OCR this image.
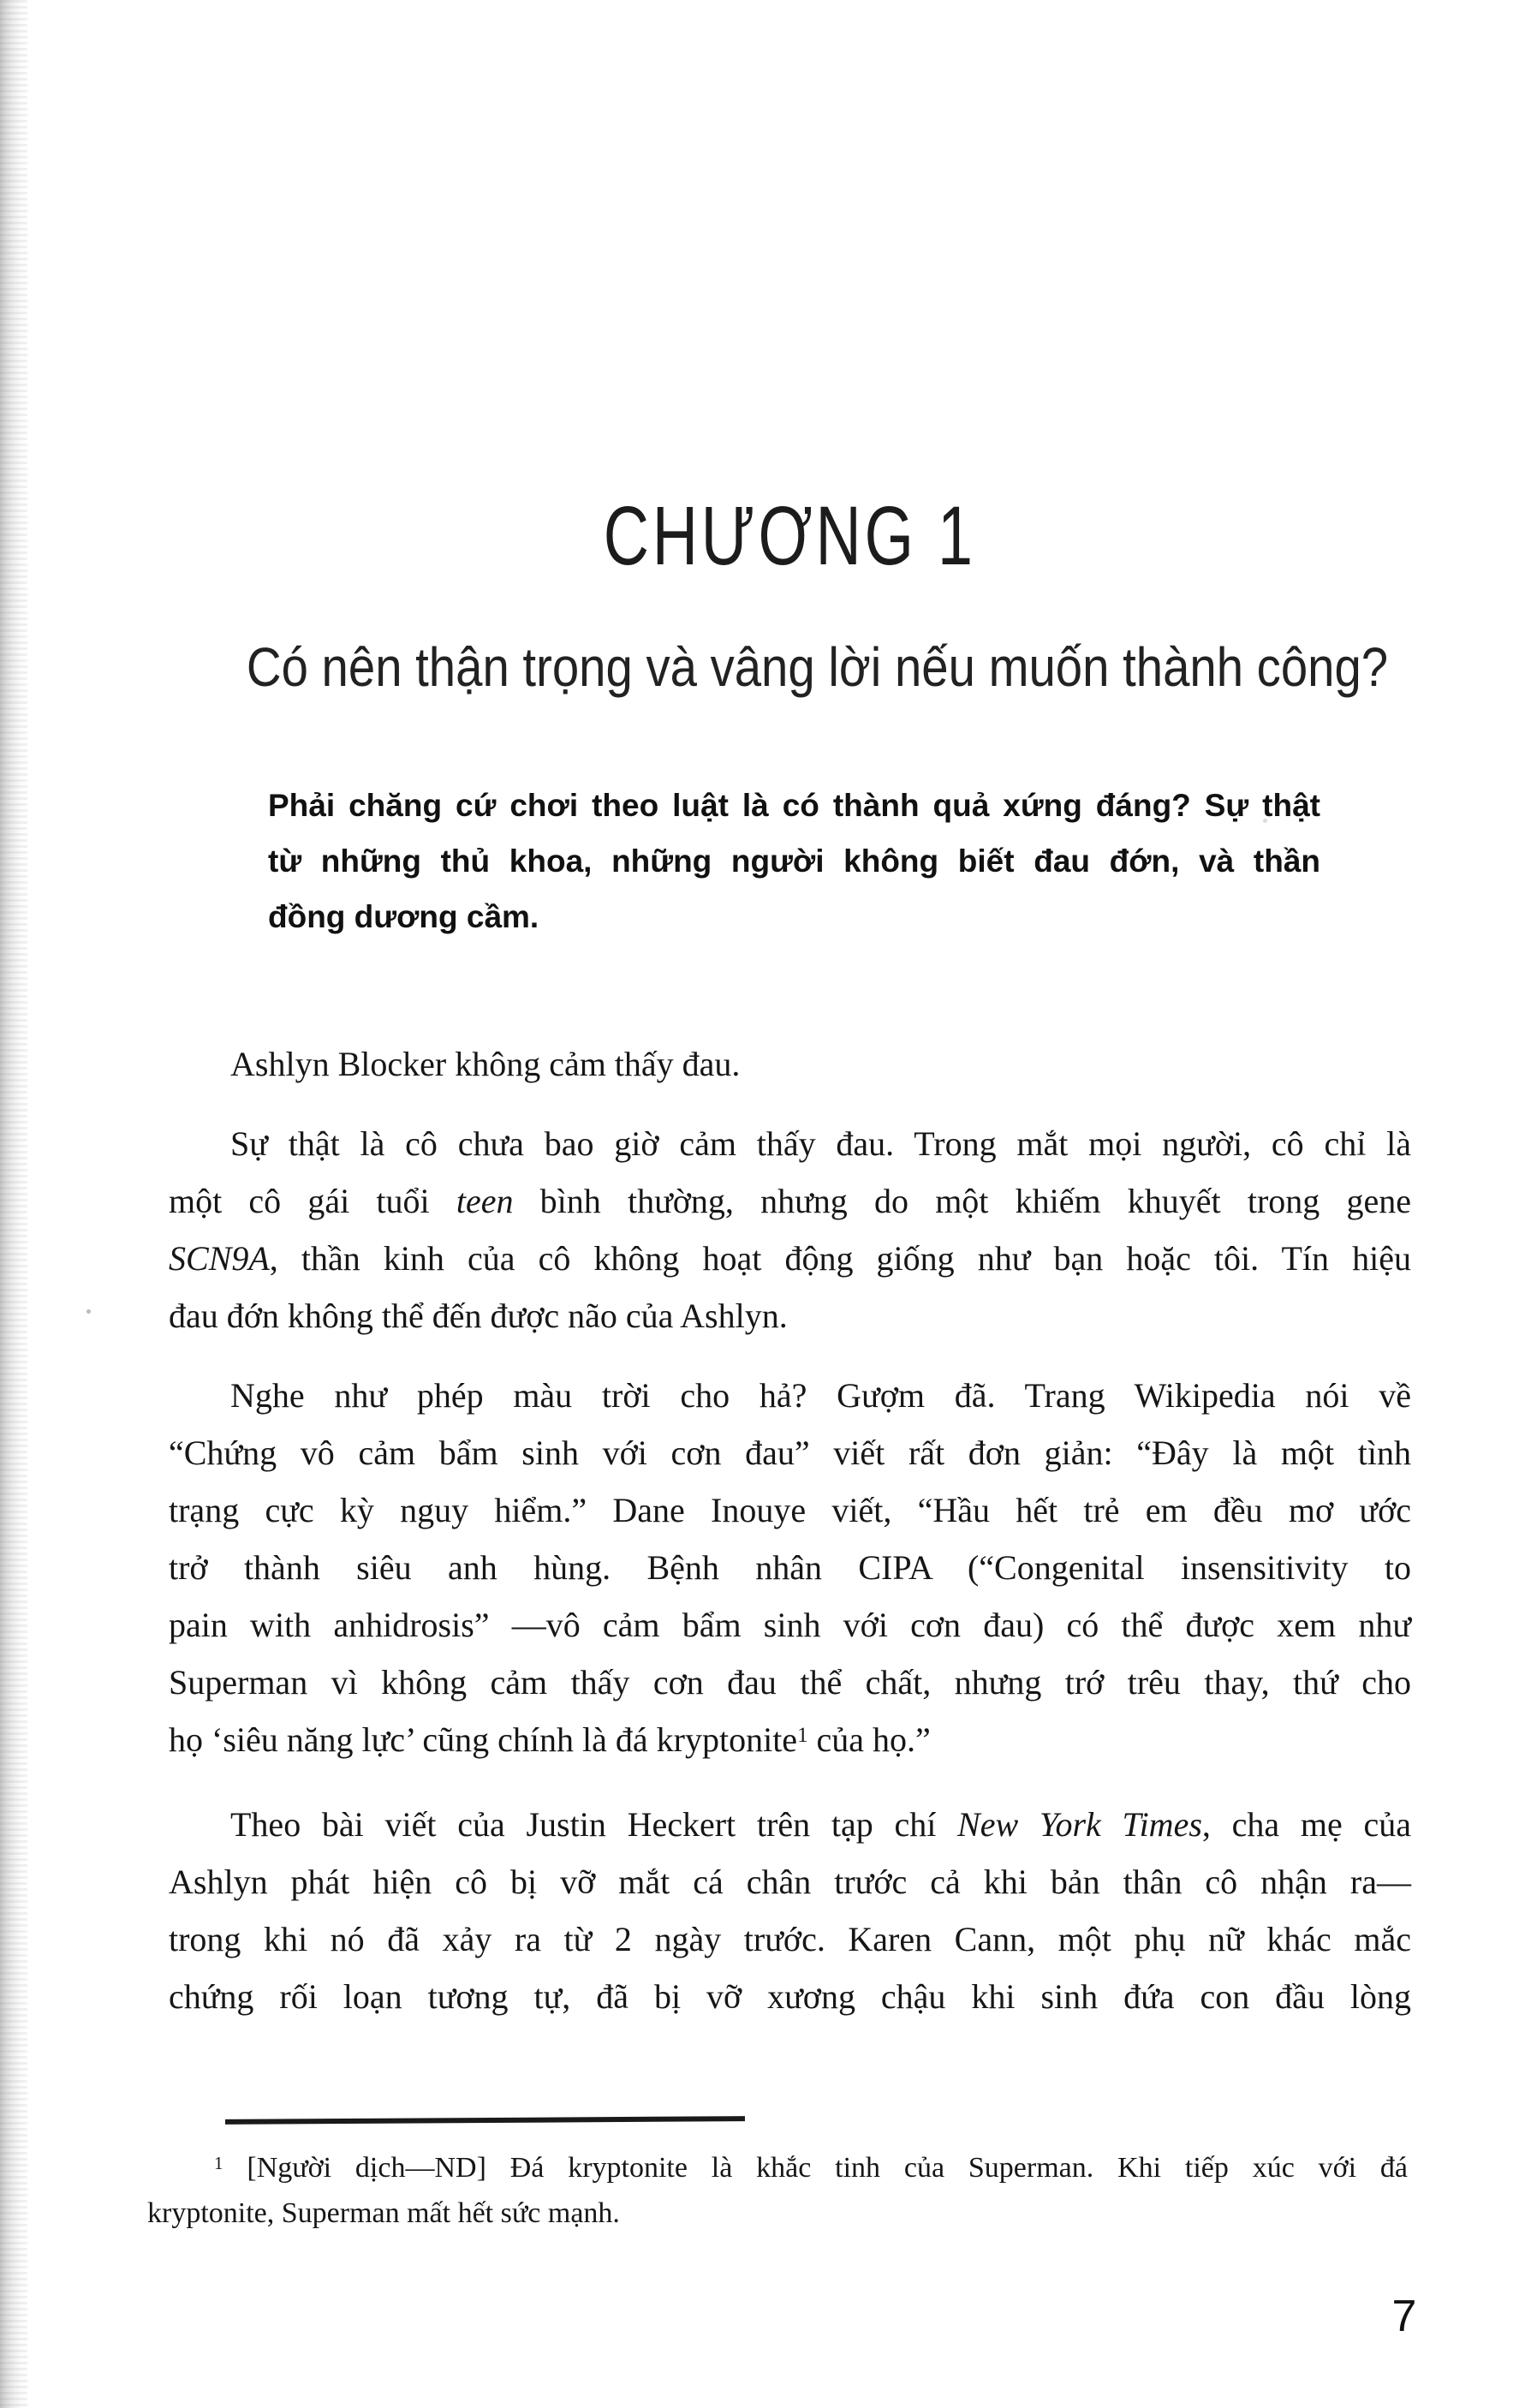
CHƯƠNG 1
Có nên thận trọng và vâng lời nếu muốn thành công?
Phải chăng cứ chơi theo luật là có thành quả xứng đáng? Sự thật
từ những thủ khoa, những người không biết đau đớn, và thần
đồng dương cầm.
Ashlyn Blocker không cảm thấy đau.
Sự thật là cô chưa bao giờ cảm thấy đau. Trong mắt mọi người, cô chỉ là
một cô gái tuổi teen bình thường, nhưng do một khiếm khuyết trong gene
SCN9A, thần kinh của cô không hoạt động giống như bạn hoặc tôi. Tín hiệu
đau đớn không thể đến được não của Ashlyn.
Nghe như phép màu trời cho hả? Gượm đã. Trang Wikipedia nói về
“Chứng vô cảm bẩm sinh với cơn đau” viết rất đơn giản: “Đây là một tình
trạng cực kỳ nguy hiểm.” Dane Inouye viết, “Hầu hết trẻ em đều mơ ước
trở thành siêu anh hùng. Bệnh nhân CIPA (“Congenital insensitivity to
pain with anhidrosis” —vô cảm bẩm sinh với cơn đau) có thể được xem như
Superman vì không cảm thấy cơn đau thể chất, nhưng trớ trêu thay, thứ cho
họ ‘siêu năng lực’ cũng chính là đá kryptonite$^1$ của họ.”
Theo bài viết của Justin Heckert trên tạp chí New York Times, cha mẹ của
Ashlyn phát hiện cô bị vỡ mắt cá chân trước cả khi bản thân cô nhận ra—
trong khi nó đã xảy ra từ 2 ngày trước. Karen Cann, một phụ nữ khác mắc
chứng rối loạn tương tự, đã bị vỡ xương chậu khi sinh đứa con đầu lòng
$^1$ [Người dịch—ND] Đá kryptonite là khắc tinh của Superman. Khi tiếp xúc với đá
kryptonite, Superman mất hết sức mạnh.
7
